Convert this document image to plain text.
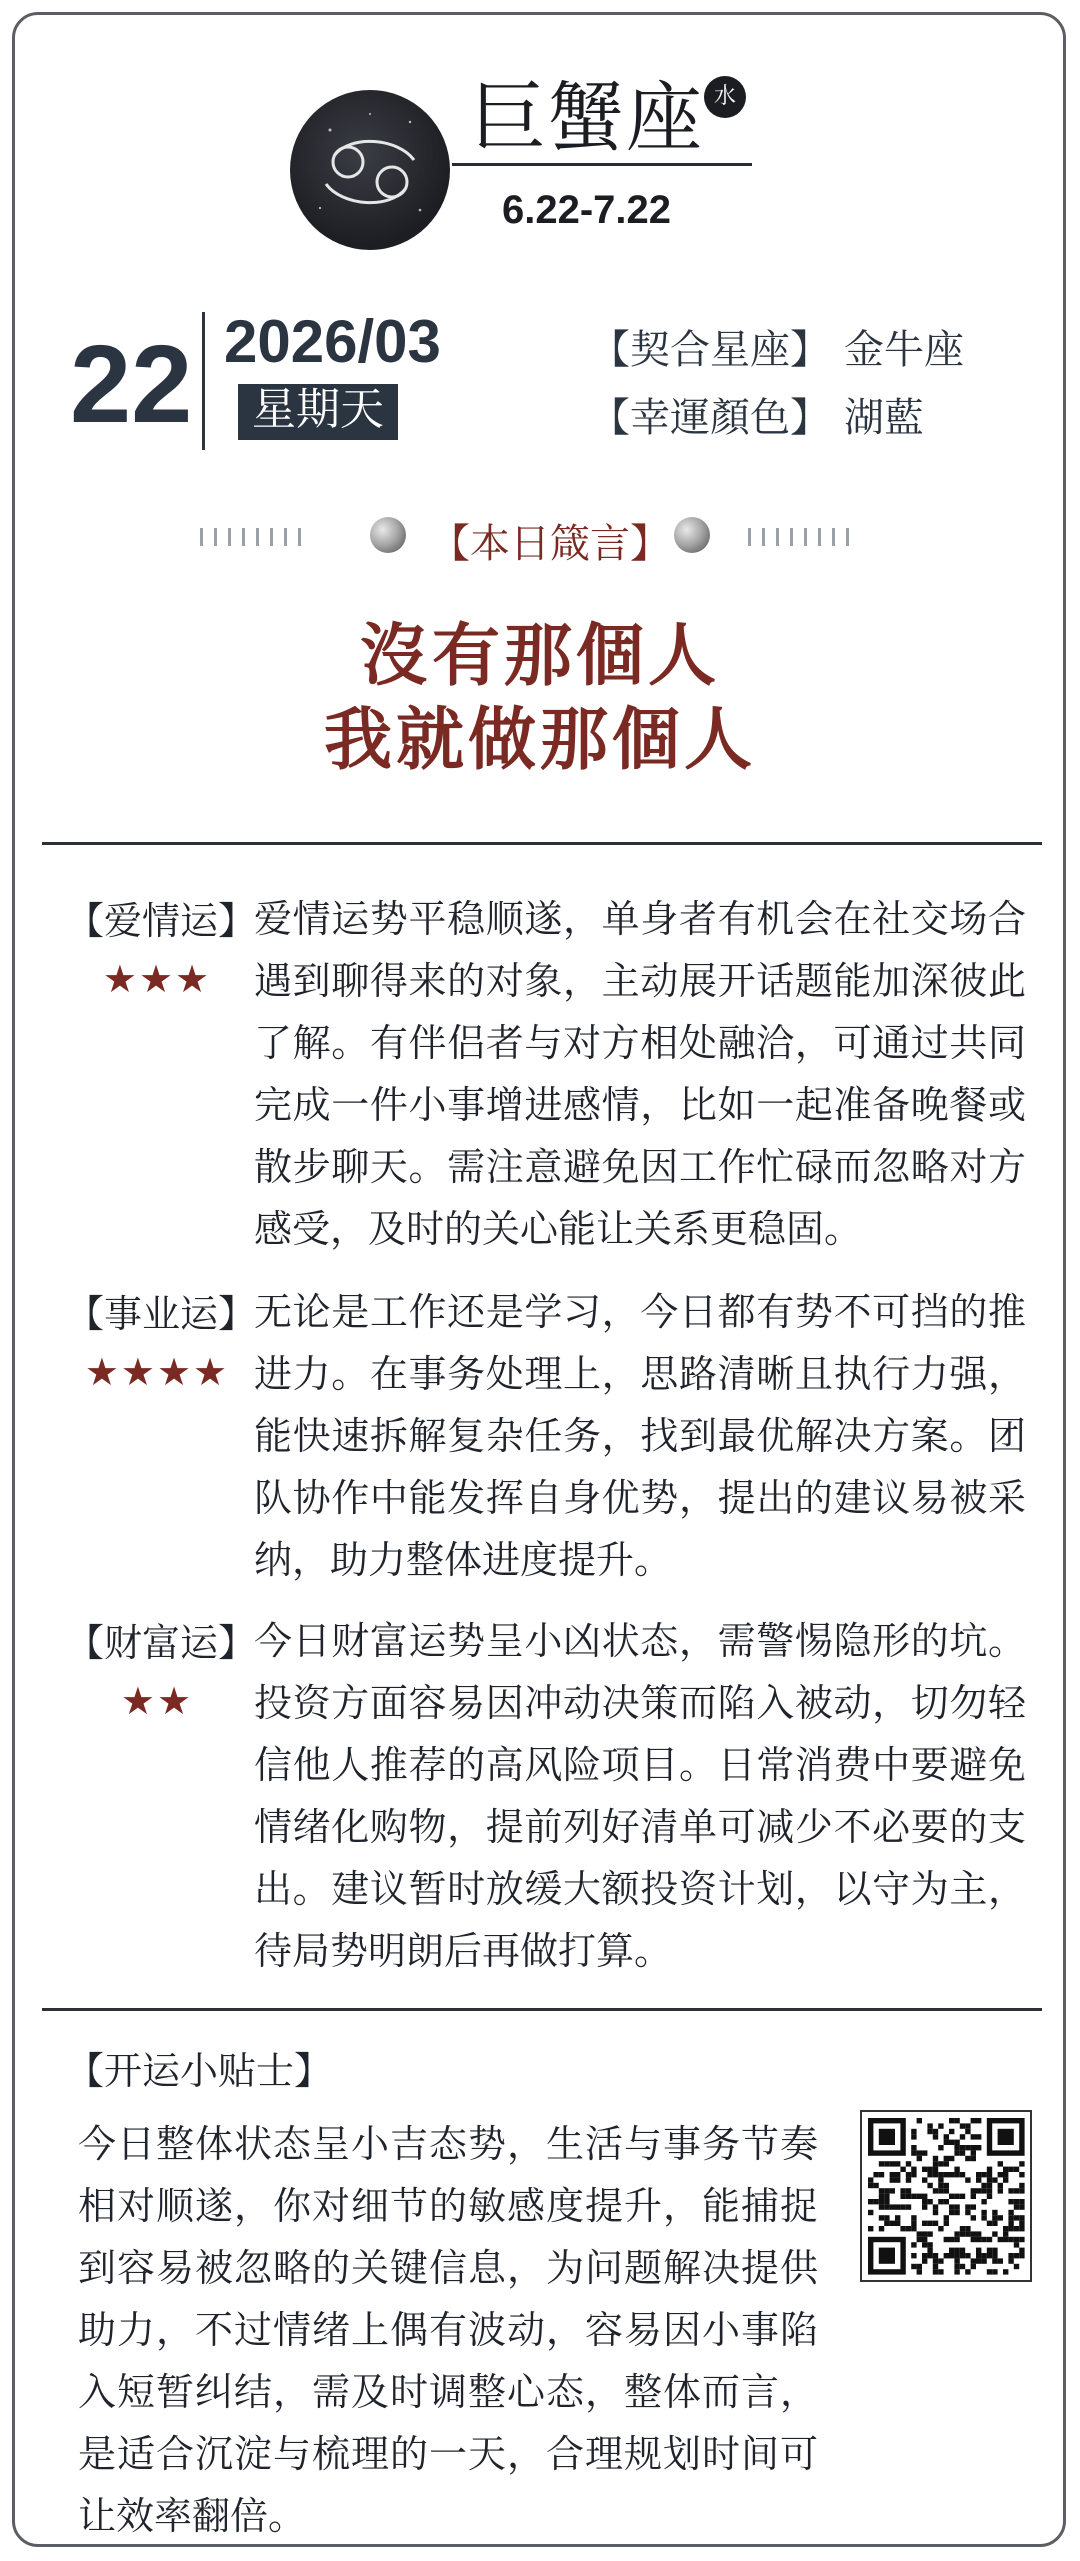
巨蟹座 水
6.22-7.22
22 2026/03
星期天
【契合星座】 金牛座
【幸運顏色】 湖藍
【本日箴言】
沒有那個人
我就做那個人
【爱情运】
★★★
爱情运势平稳顺遂，单身者有机会在社交场合遇到聊得来的对象，主动展开话题能加深彼此了解。有伴侣者与对方相处融洽，可通过共同完成一件小事增进感情，比如一起准备晚餐或散步聊天。需注意避免因工作忙碌而忽略对方感受，及时的关心能让关系更稳固。
【事业运】
★★★★
无论是工作还是学习，今日都有势不可挡的推进力。在事务处理上，思路清晰且执行力强，能快速拆解复杂任务，找到最优解决方案。团队协作中能发挥自身优势，提出的建议易被采纳，助力整体进度提升。
【财富运】
★★
今日财富运势呈小凶状态，需警惕隐形的坑。投资方面容易因冲动决策而陷入被动，切勿轻信他人推荐的高风险项目。日常消费中要避免情绪化购物，提前列好清单可减少不必要的支出。建议暂时放缓大额投资计划，以守为主，待局势明朗后再做打算。
【开运小贴士】
今日整体状态呈小吉态势，生活与事务节奏相对顺遂，你对细节的敏感度提升，能捕捉到容易被忽略的关键信息，为问题解决提供助力，不过情绪上偶有波动，容易因小事陷入短暂纠结，需及时调整心态，整体而言，是适合沉淀与梳理的一天，合理规划时间可让效率翻倍。
